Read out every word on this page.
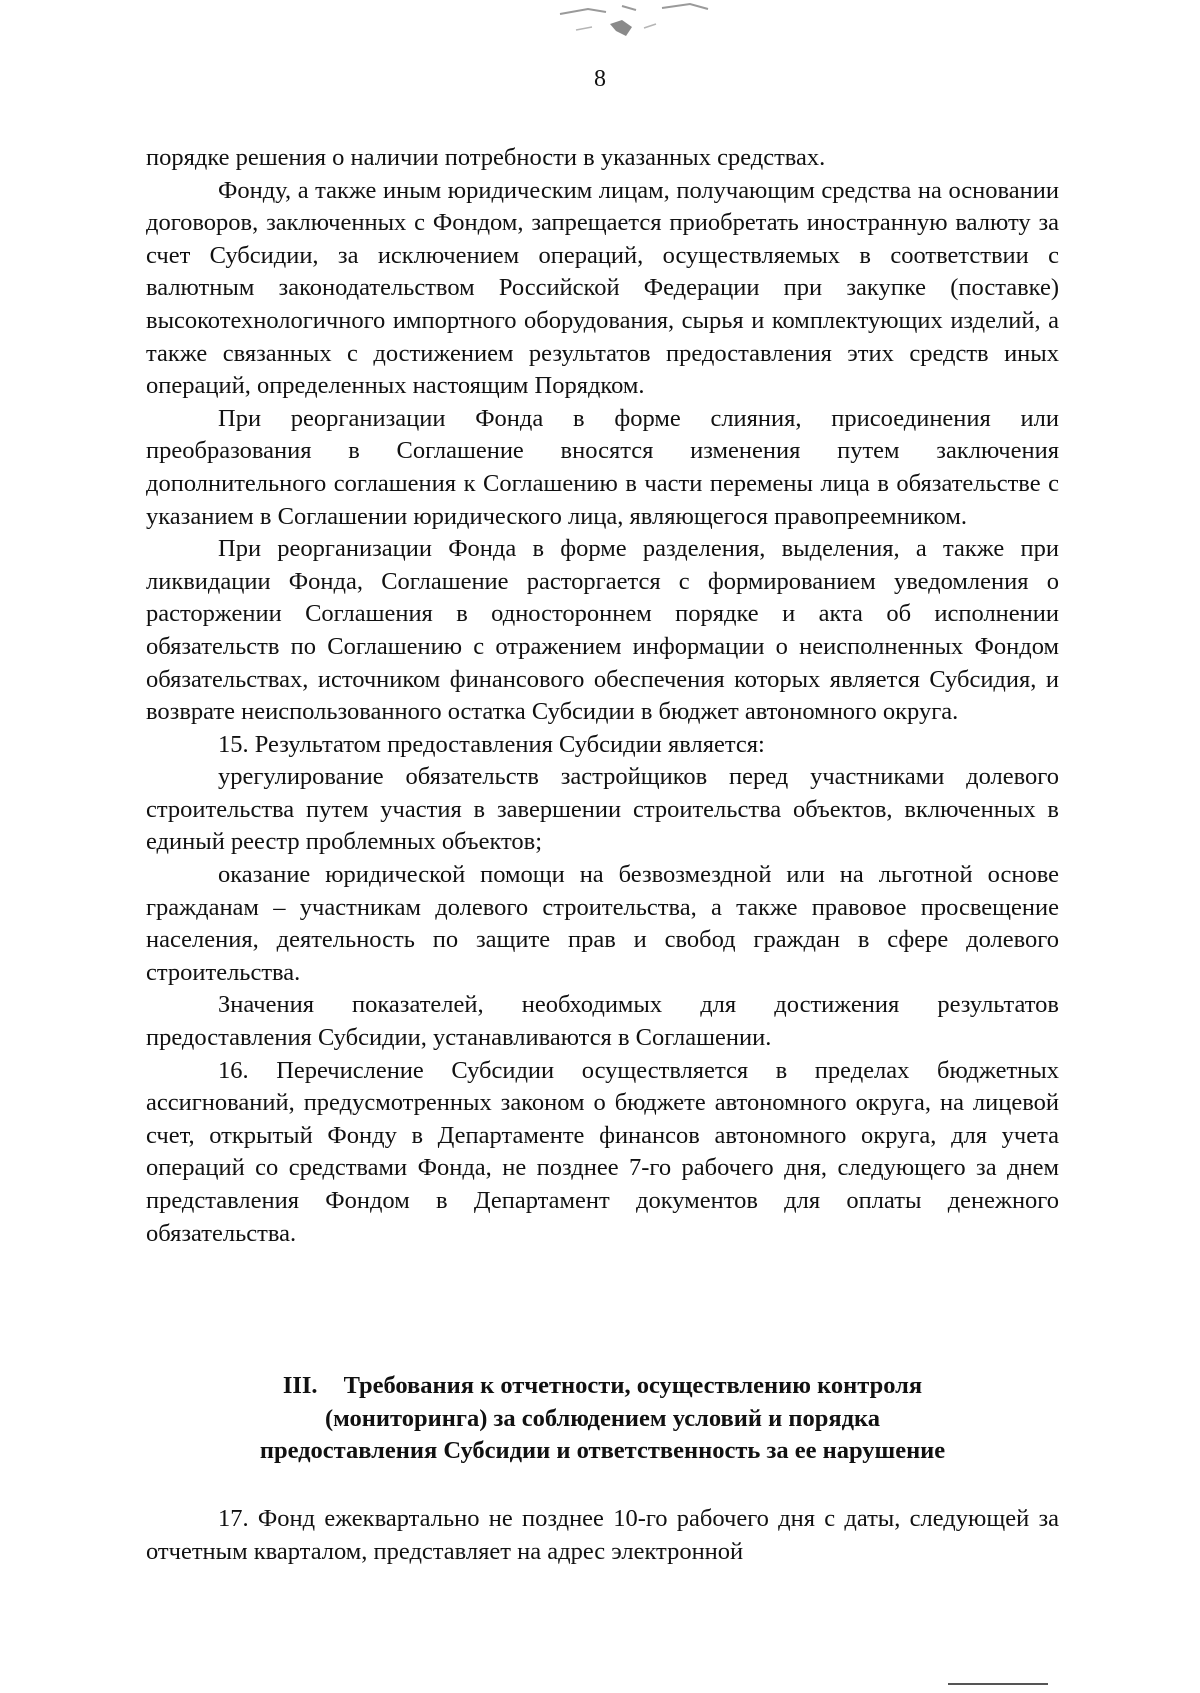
8

порядке решения о наличии потребности в указанных средствах.

Фонду, а также иным юридическим лицам, получающим средства на основании договоров, заключенных с Фондом, запрещается приобретать иностранную валюту за счет Субсидии, за исключением операций, осуществляемых в соответствии с валютным законодательством Российской Федерации при закупке (поставке) высокотехнологичного импортного оборудования, сырья и комплектующих изделий, а также связанных с достижением результатов предоставления этих средств иных операций, определенных настоящим Порядком.

При реорганизации Фонда в форме слияния, присоединения или преобразования в Соглашение вносятся изменения путем заключения дополнительного соглашения к Соглашению в части перемены лица в обязательстве с указанием в Соглашении юридического лица, являющегося правопреемником.

При реорганизации Фонда в форме разделения, выделения, а также при ликвидации Фонда, Соглашение расторгается с формированием уведомления о расторжении Соглашения в одностороннем порядке и акта об исполнении обязательств по Соглашению с отражением информации о неисполненных Фондом обязательствах, источником финансового обеспечения которых является Субсидия, и возврате неиспользованного остатка Субсидии в бюджет автономного округа.

15. Результатом предоставления Субсидии является:

урегулирование обязательств застройщиков перед участниками долевого строительства путем участия в завершении строительства объектов, включенных в единый реестр проблемных объектов;

оказание юридической помощи на безвозмездной или на льготной основе гражданам – участникам долевого строительства, а также правовое просвещение населения, деятельность по защите прав и свобод граждан в сфере долевого строительства.

Значения показателей, необходимых для достижения результатов предоставления Субсидии, устанавливаются в Соглашении.

16. Перечисление Субсидии осуществляется в пределах бюджетных ассигнований, предусмотренных законом о бюджете автономного округа, на лицевой счет, открытый Фонду в Департаменте финансов автономного округа, для учета операций со средствами Фонда, не позднее 7-го рабочего дня, следующего за днем представления Фондом в Департамент документов для оплаты денежного обязательства.

III. Требования к отчетности, осуществлению контроля
(мониторинга) за соблюдением условий и порядка
предоставления Субсидии и ответственность за ее нарушение

17. Фонд ежеквартально не позднее 10-го рабочего дня с даты, следующей за отчетным кварталом, представляет на адрес электронной
